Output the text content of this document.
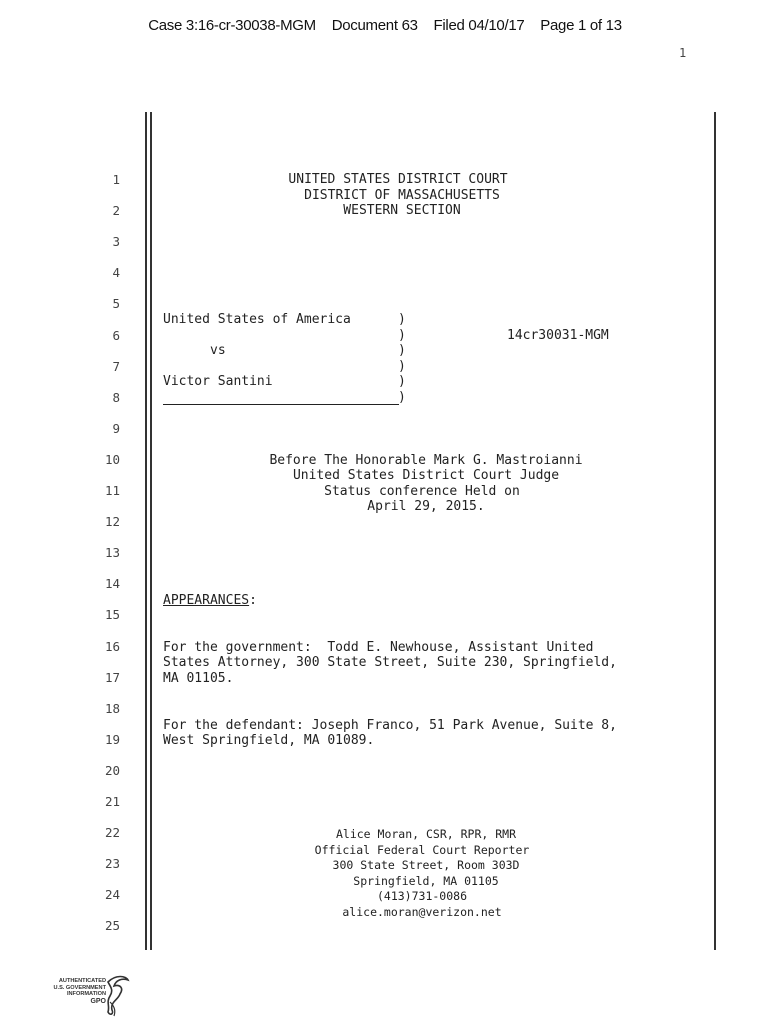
Case 3:16-cr-30038-MGM Document 63 Filed 04/10/17 Page 1 of 13
1
1
2
3
4
5
6
7
8
9
10
11
12
13
14
15
16
17
18
19
20
21
22
23
24
25
UNITED STATES DISTRICT COURT
DISTRICT OF MASSACHUSETTS
WESTERN SECTION
United States of America
vs
Victor Santini
)
)
)
)
)
)
14cr30031-MGM
Before The Honorable Mark G. Mastroianni
United States District Court Judge
Status conference Held on
April 29, 2015.
APPEARANCES:
For the government:  Todd E. Newhouse, Assistant United
States Attorney, 300 State Street, Suite 230, Springfield,
MA 01105.
For the defendant: Joseph Franco, 51 Park Avenue, Suite 8,
West Springfield, MA 01089.
Alice Moran, CSR, RPR, RMR
Official Federal Court Reporter
300 State Street, Room 303D
Springfield, MA 01105
(413)731-0086
alice.moran@verizon.net
AUTHENTICATED
U.S. GOVERNMENT
INFORMATION
GPO
